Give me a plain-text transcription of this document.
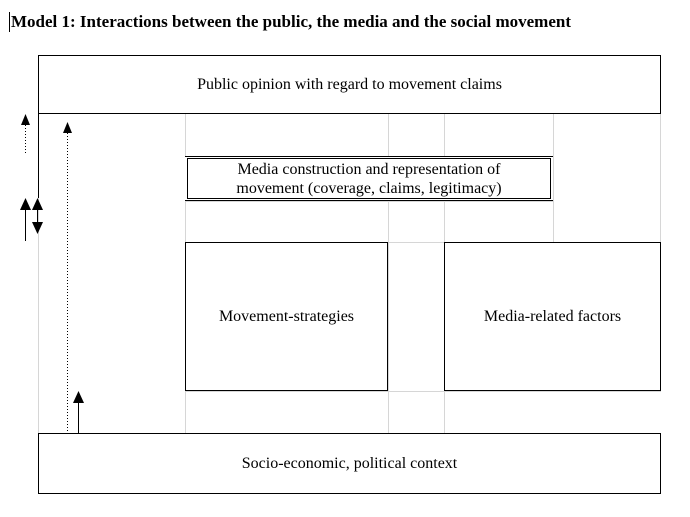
Model 1: Interactions between the public, the media and the social movement
Public opinion with regard to movement claims
Media construction and representation of
movement (coverage, claims, legitimacy)
Movement-strategies	Media-related factors
Socio-economic, political context
